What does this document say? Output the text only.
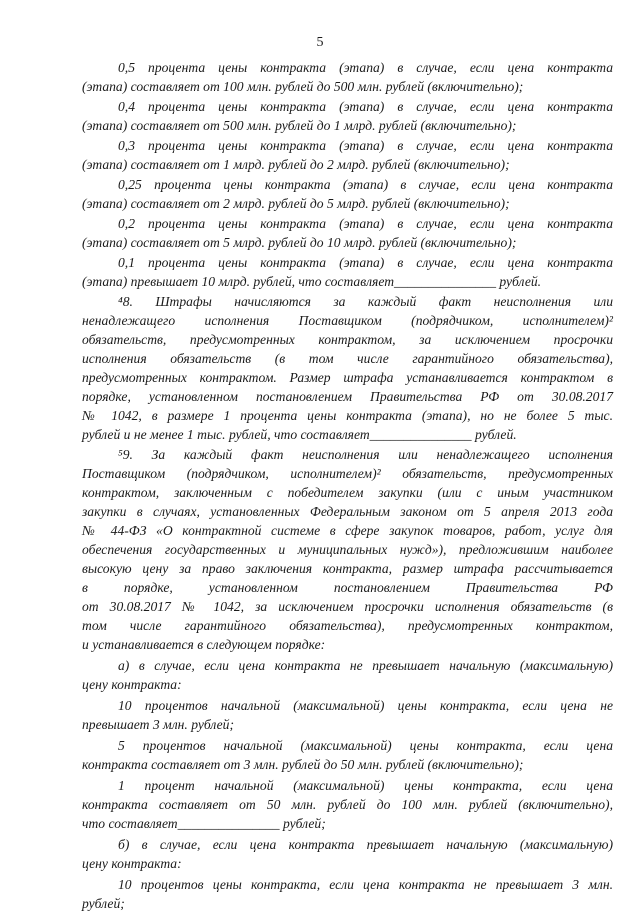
5
0,5 процента цены контракта (этапа) в случае, если цена контракта
(этапа) составляет от 100 млн. рублей до 500 млн. рублей (включительно);
0,4 процента цены контракта (этапа) в случае, если цена контракта
(этапа) составляет от 500 млн. рублей до 1 млрд. рублей (включительно);
0,3 процента цены контракта (этапа) в случае, если цена контракта
(этапа) составляет от 1 млрд. рублей до 2 млрд. рублей (включительно);
0,25 процента цены контракта (этапа) в случае, если цена контракта
(этапа) составляет от 2 млрд. рублей до 5 млрд. рублей (включительно);
0,2 процента цены контракта (этапа) в случае, если цена контракта
(этапа) составляет от 5 млрд. рублей до 10 млрд. рублей (включительно);
0,1 процента цены контракта (этапа) в случае, если цена контракта
(этапа) превышает 10 млрд. рублей, что составляет_______________ рублей.
⁴8. Штрафы начисляются за каждый факт неисполнения или
ненадлежащего исполнения Поставщиком (подрядчиком, исполнителем)²
обязательств, предусмотренных контрактом, за исключением просрочки
исполнения обязательств (в том числе гарантийного обязательства),
предусмотренных контрактом. Размер штрафа устанавливается контрактом в
порядке, установленном постановлением Правительства РФ от 30.08.2017
№ 1042, в размере 1 процента цены контракта (этапа), но не более 5 тыс.
рублей и не менее 1 тыс. рублей, что составляет_______________ рублей.
⁵9. За каждый факт неисполнения или ненадлежащего исполнения
Поставщиком (подрядчиком, исполнителем)² обязательств, предусмотренных
контрактом, заключенным с победителем закупки (или с иным участником
закупки в случаях, установленных Федеральным законом от 5 апреля 2013 года
№ 44-ФЗ «О контрактной системе в сфере закупок товаров, работ, услуг для
обеспечения государственных и муниципальных нужд»), предложившим наиболее
высокую цену за право заключения контракта, размер штрафа рассчитывается
в порядке, установленном постановлением Правительства РФ
от 30.08.2017 № 1042, за исключением просрочки исполнения обязательств (в
том числе гарантийного обязательства), предусмотренных контрактом,
и устанавливается в следующем порядке:
а) в случае, если цена контракта не превышает начальную (максимальную)
цену контракта:
10 процентов начальной (максимальной) цены контракта, если цена не
превышает 3 млн. рублей;
5 процентов начальной (максимальной) цены контракта, если цена
контракта составляет от 3 млн. рублей до 50 млн. рублей (включительно);
1 процент начальной (максимальной) цены контракта, если цена
контракта составляет от 50 млн. рублей до 100 млн. рублей (включительно),
что составляет_______________ рублей;
б) в случае, если цена контракта превышает начальную (максимальную)
цену контракта:
10 процентов цены контракта, если цена контракта не превышает 3 млн.
рублей;
